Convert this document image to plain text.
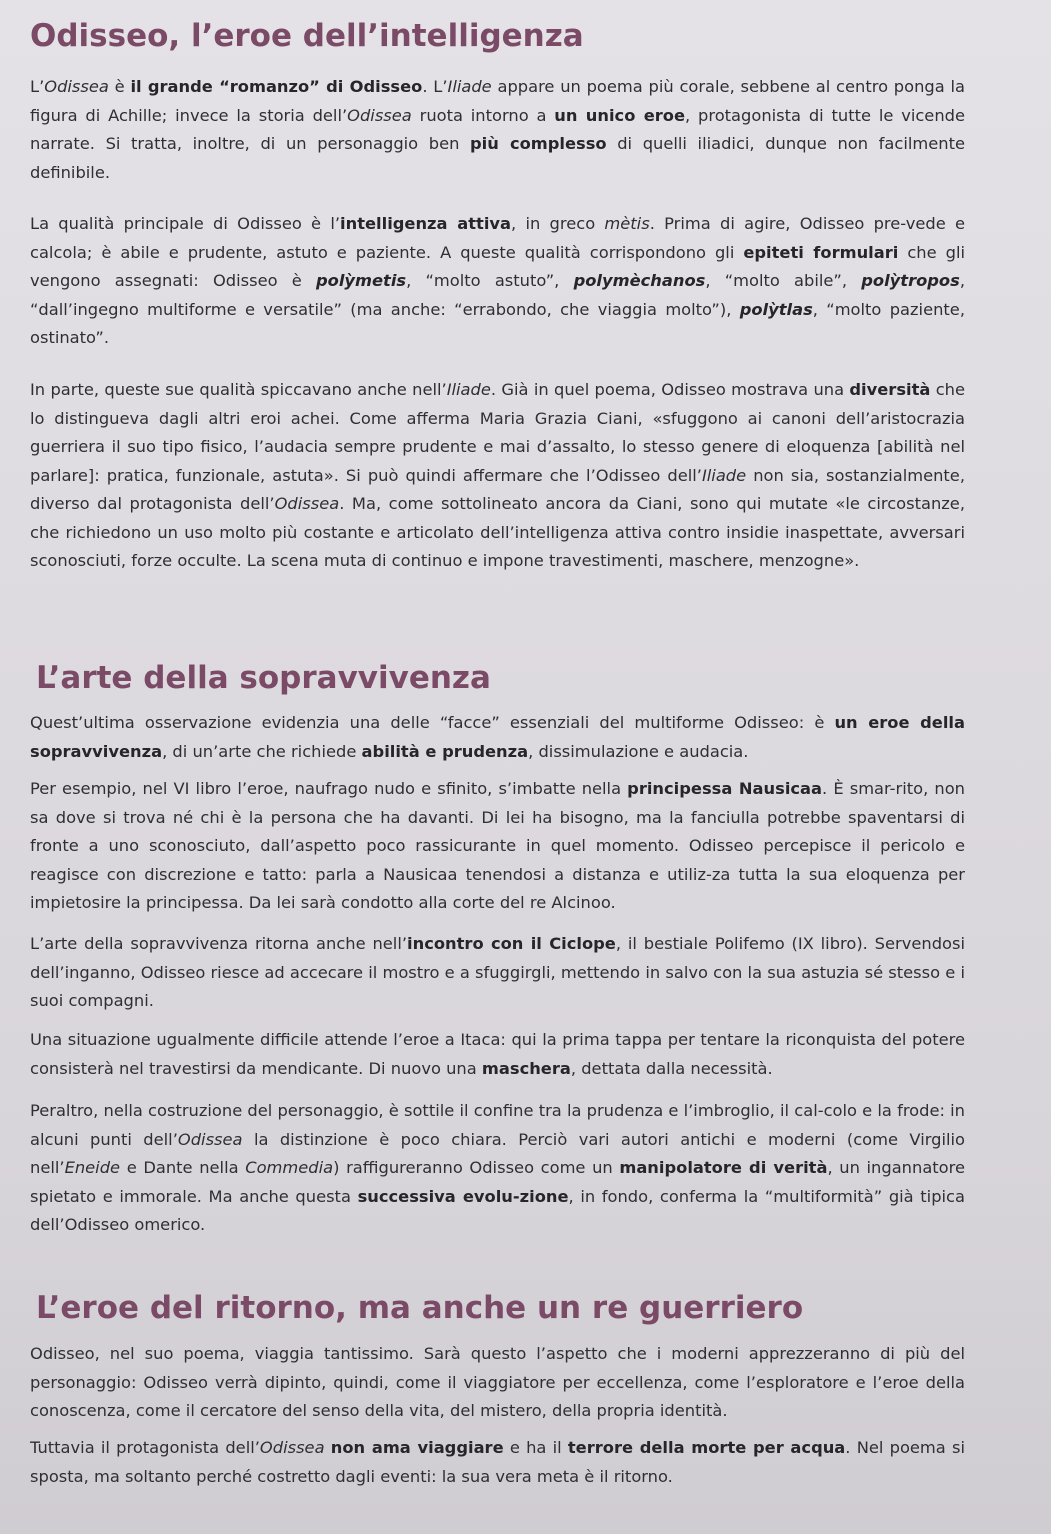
Odisseo, l’eroe dell’intelligenza

L’Odissea è il grande “romanzo” di Odisseo. L’Iliade appare un poema più corale, sebbene al centro ponga la figura di Achille; invece la storia dell’Odissea ruota intorno a un unico eroe, protagonista di tutte le vicende narrate. Si tratta, inoltre, di un personaggio ben più complesso di quelli iliadici, dunque non facilmente definibile.

La qualità principale di Odisseo è l’intelligenza attiva, in greco mètis. Prima di agire, Odisseo pre-vede e calcola; è abile e prudente, astuto e paziente. A queste qualità corrispondono gli epiteti formulari che gli vengono assegnati: Odisseo è polỳmetis, “molto astuto”, polymèchanos, “molto abile”, polỳtropos, “dall’ingegno multiforme e versatile” (ma anche: “errabondo, che viaggia molto”), polỳtlas, “molto paziente, ostinato”.

In parte, queste sue qualità spiccavano anche nell’Iliade. Già in quel poema, Odisseo mostrava una diversità che lo distingueva dagli altri eroi achei. Come afferma Maria Grazia Ciani, «sfuggono ai canoni dell’aristocrazia guerriera il suo tipo fisico, l’audacia sempre prudente e mai d’assalto, lo stesso genere di eloquenza [abilità nel parlare]: pratica, funzionale, astuta». Si può quindi affermare che l’Odisseo dell’Iliade non sia, sostanzialmente, diverso dal protagonista dell’Odissea. Ma, come sottolineato ancora da Ciani, sono qui mutate «le circostanze, che richiedono un uso molto più costante e articolato dell’intelligenza attiva contro insidie inaspettate, avversari sconosciuti, forze occulte. La scena muta di continuo e impone travestimenti, maschere, menzogne».

L’arte della sopravvivenza

Quest’ultima osservazione evidenzia una delle “facce” essenziali del multiforme Odisseo: è un eroe della sopravvivenza, di un’arte che richiede abilità e prudenza, dissimulazione e audacia.

Per esempio, nel VI libro l’eroe, naufrago nudo e sfinito, s’imbatte nella principessa Nausicaa. È smar-rito, non sa dove si trova né chi è la persona che ha davanti. Di lei ha bisogno, ma la fanciulla potrebbe spaventarsi di fronte a uno sconosciuto, dall’aspetto poco rassicurante in quel momento. Odisseo percepisce il pericolo e reagisce con discrezione e tatto: parla a Nausicaa tenendosi a distanza e utiliz-za tutta la sua eloquenza per impietosire la principessa. Da lei sarà condotto alla corte del re Alcinoo.

L’arte della sopravvivenza ritorna anche nell’incontro con il Ciclope, il bestiale Polifemo (IX libro). Servendosi dell’inganno, Odisseo riesce ad accecare il mostro e a sfuggirgli, mettendo in salvo con la sua astuzia sé stesso e i suoi compagni.

Una situazione ugualmente difficile attende l’eroe a Itaca: qui la prima tappa per tentare la riconquista del potere consisterà nel travestirsi da mendicante. Di nuovo una maschera, dettata dalla necessità.

Peraltro, nella costruzione del personaggio, è sottile il confine tra la prudenza e l’imbroglio, il cal-colo e la frode: in alcuni punti dell’Odissea la distinzione è poco chiara. Perciò vari autori antichi e moderni (come Virgilio nell’Eneide e Dante nella Commedia) raffigureranno Odisseo come un manipolatore di verità, un ingannatore spietato e immorale. Ma anche questa successiva evolu-zione, in fondo, conferma la “multiformità” già tipica dell’Odisseo omerico.

L’eroe del ritorno, ma anche un re guerriero

Odisseo, nel suo poema, viaggia tantissimo. Sarà questo l’aspetto che i moderni apprezzeranno di più del personaggio: Odisseo verrà dipinto, quindi, come il viaggiatore per eccellenza, come l’esploratore e l’eroe della conoscenza, come il cercatore del senso della vita, del mistero, della propria identità.

Tuttavia il protagonista dell’Odissea non ama viaggiare e ha il terrore della morte per acqua. Nel poema si sposta, ma soltanto perché costretto dagli eventi: la sua vera meta è il ritorno.
